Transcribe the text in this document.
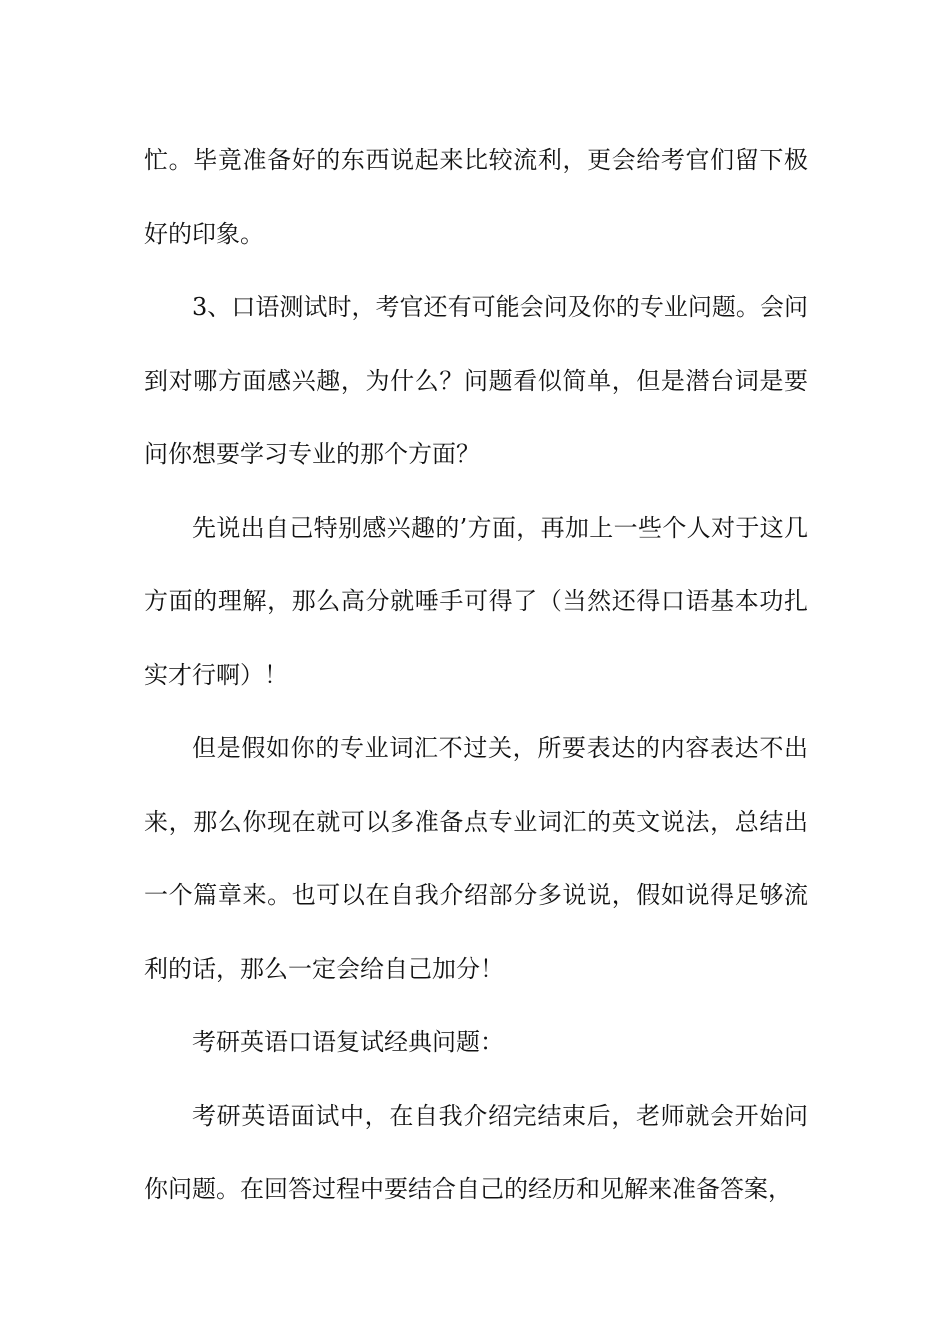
忙。毕竟准备好的东西说起来比较流利，更会给考官们留下极好的印象。

3、口语测试时，考官还有可能会问及你的专业问题。会问到对哪方面感兴趣，为什么？问题看似简单，但是潜台词是要问你想要学习专业的那个方面？

先说出自己特别感兴趣的’方面，再加上一些个人对于这几方面的理解，那么高分就唾手可得了（当然还得口语基本功扎实才行啊）！

但是假如你的专业词汇不过关，所要表达的内容表达不出来，那么你现在就可以多准备点专业词汇的英文说法，总结出一个篇章来。也可以在自我介绍部分多说说，假如说得足够流利的话，那么一定会给自己加分！

考研英语口语复试经典问题：

考研英语面试中，在自我介绍完结束后，老师就会开始问你问题。在回答过程中要结合自己的经历和见解来准备答案，
